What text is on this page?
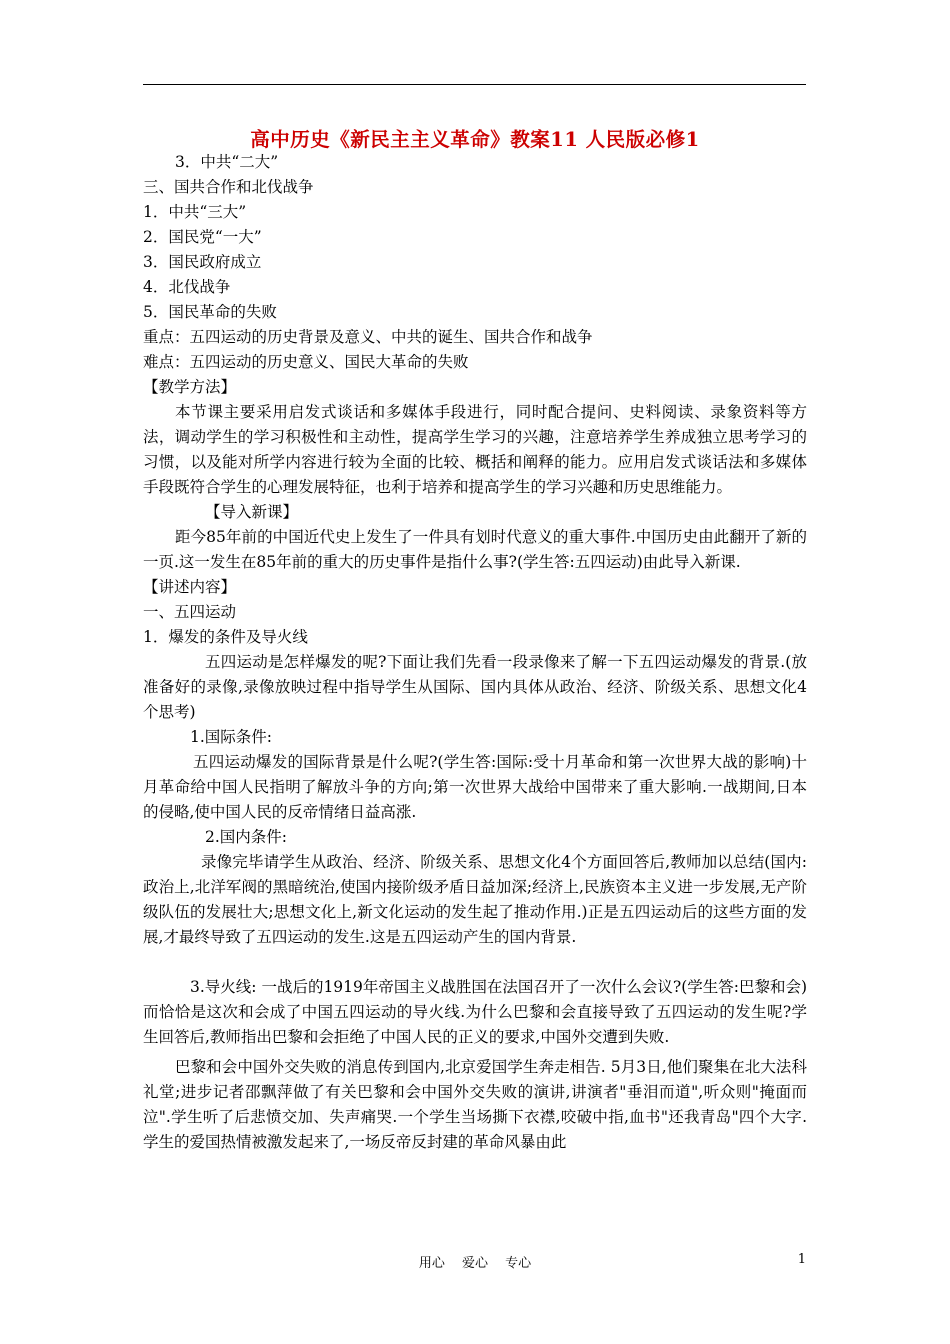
高中历史《新民主主义革命》教案11 人民版必修1
3．中共“二大”
三、国共合作和北伐战争
1．中共“三大”
2．国民党“一大”
3．国民政府成立
4．北伐战争
5．国民革命的失败
重点：五四运动的历史背景及意义、中共的诞生、国共合作和战争
难点：五四运动的历史意义、国民大革命的失败
【教学方法】
本节课主要采用启发式谈话和多媒体手段进行，同时配合提问、史料阅读、录象资料等方法，调动学生的学习积极性和主动性，提高学生学习的兴趣，注意培养学生养成独立思考学习的习惯，以及能对所学内容进行较为全面的比较、概括和阐释的能力。应用启发式谈话法和多媒体手段既符合学生的心理发展特征，也利于培养和提高学生的学习兴趣和历史思维能力。
【导入新课】
距今85年前的中国近代史上发生了一件具有划时代意义的重大事件.中国历史由此翻开了新的一页.这一发生在85年前的重大的历史事件是指什么事?(学生答:五四运动)由此导入新课.
【讲述内容】
一、五四运动
1．爆发的条件及导火线
五四运动是怎样爆发的呢?下面让我们先看一段录像来了解一下五四运动爆发的背景.(放准备好的录像,录像放映过程中指导学生从国际、国内具体从政治、经济、阶级关系、思想文化4个思考)
1.国际条件:
五四运动爆发的国际背景是什么呢?(学生答:国际:受十月革命和第一次世界大战的影响)十月革命给中国人民指明了解放斗争的方向;第一次世界大战给中国带来了重大影响.一战期间,日本的侵略,使中国人民的反帝情绪日益高涨.
2.国内条件:
录像完毕请学生从政治、经济、阶级关系、思想文化4个方面回答后,教师加以总结(国内:政治上,北洋军阀的黑暗统治,使国内接阶级矛盾日益加深;经济上,民族资本主义进一步发展,无产阶级队伍的发展壮大;思想文化上,新文化运动的发生起了推动作用.)正是五四运动后的这些方面的发展,才最终导致了五四运动的发生.这是五四运动产生的国内背景.
3.导火线: 一战后的1919年帝国主义战胜国在法国召开了一次什么会议?(学生答:巴黎和会)而恰恰是这次和会成了中国五四运动的导火线.为什么巴黎和会直接导致了五四运动的发生呢?学生回答后,教师指出巴黎和会拒绝了中国人民的正义的要求,中国外交遭到失败.
巴黎和会中国外交失败的消息传到国内,北京爱国学生奔走相告. 5月3日,他们聚集在北大法科礼堂;进步记者邵飘萍做了有关巴黎和会中国外交失败的演讲,讲演者"垂泪而道",听众则"掩面而泣".学生听了后悲愤交加、失声痛哭.一个学生当场撕下衣襟,咬破中指,血书"还我青岛"四个大字.学生的爱国热情被激发起来了,一场反帝反封建的革命风暴由此
用心　 爱心　 专心	1
